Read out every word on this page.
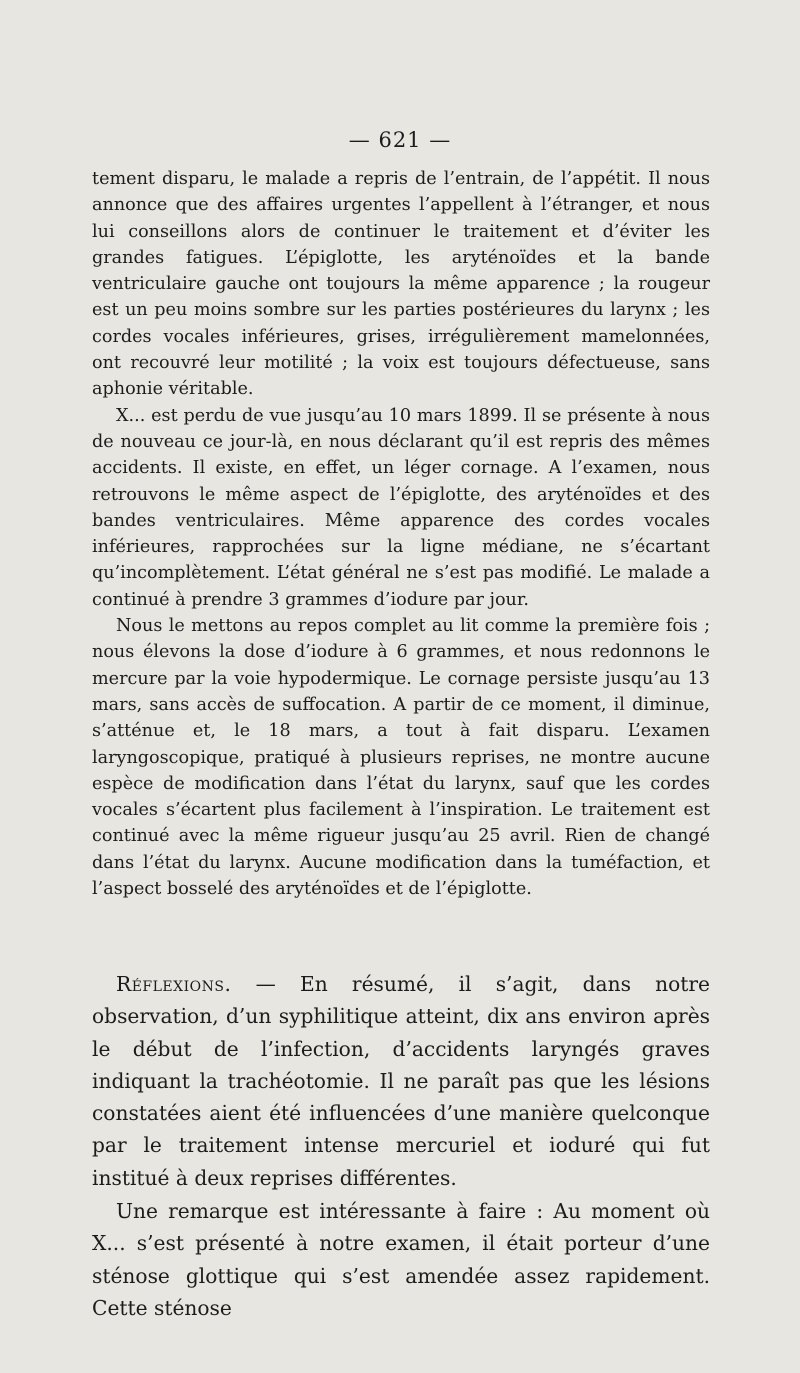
— 621 —

tement disparu, le malade a repris de l’entrain, de l’appétit. Il nous annonce que des affaires urgentes l’appellent à l’étranger, et nous lui conseillons alors de continuer le traitement et d’éviter les grandes fatigues. L’épiglotte, les aryténoïdes et la bande ventriculaire gauche ont toujours la même apparence ; la rougeur est un peu moins sombre sur les parties postérieures du larynx ; les cordes vocales inférieures, grises, irrégulièrement mamelonnées, ont recouvré leur motilité ; la voix est toujours défectueuse, sans aphonie véritable.

X... est perdu de vue jusqu’au 10 mars 1899. Il se présente à nous de nouveau ce jour-là, en nous déclarant qu’il est repris des mêmes accidents. Il existe, en effet, un léger cornage. A l’examen, nous retrouvons le même aspect de l’épiglotte, des aryténoïdes et des bandes ventriculaires. Même apparence des cordes vocales inférieures, rapprochées sur la ligne médiane, ne s’écartant qu’incomplètement. L’état général ne s’est pas modifié. Le malade a continué à prendre 3 grammes d’iodure par jour.

Nous le mettons au repos complet au lit comme la première fois ; nous élevons la dose d’iodure à 6 grammes, et nous redonnons le mercure par la voie hypodermique. Le cornage persiste jusqu’au 13 mars, sans accès de suffocation. A partir de ce moment, il diminue, s’atténue et, le 18 mars, a tout à fait disparu. L’examen laryngoscopique, pratiqué à plusieurs reprises, ne montre aucune espèce de modification dans l’état du larynx, sauf que les cordes vocales s’écartent plus facilement à l’inspiration. Le traitement est continué avec la même rigueur jusqu’au 25 avril. Rien de changé dans l’état du larynx. Aucune modification dans la tuméfaction, et l’aspect bosselé des aryténoïdes et de l’épiglotte.

Réflexions. — En résumé, il s’agit, dans notre observation, d’un syphilitique atteint, dix ans environ après le début de l’infection, d’accidents laryngés graves indiquant la trachéotomie. Il ne paraît pas que les lésions constatées aient été influencées d’une manière quelconque par le traitement intense mercuriel et ioduré qui fut institué à deux reprises différentes.

Une remarque est intéressante à faire : Au moment où X... s’est présenté à notre examen, il était porteur d’une sténose glottique qui s’est amendée assez rapidement. Cette sténose
